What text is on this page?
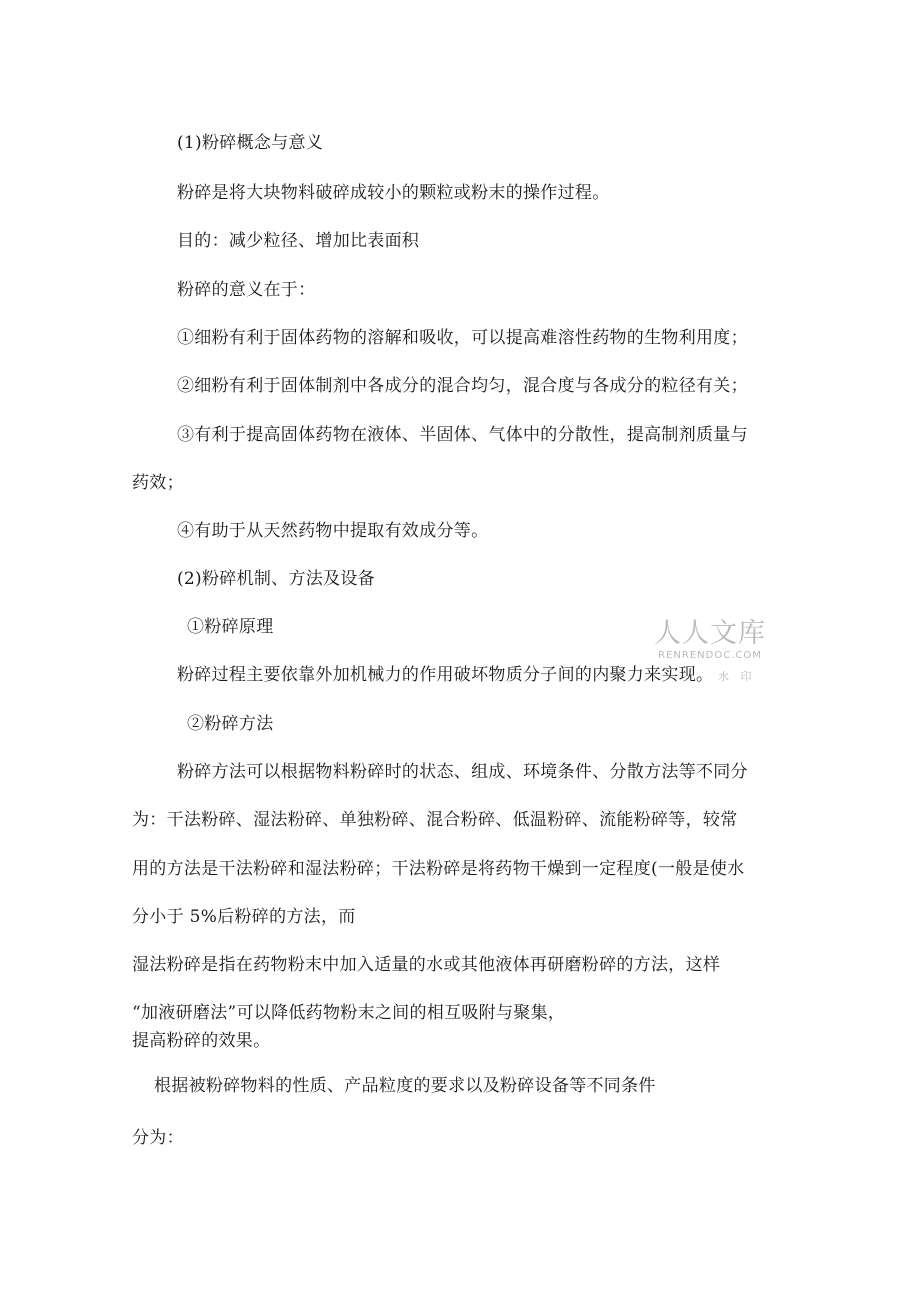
(1)粉碎概念与意义
粉碎是将大块物料破碎成较小的颗粒或粉末的操作过程。
目的：减少粒径、增加比表面积
粉碎的意义在于：
①细粉有利于固体药物的溶解和吸收，可以提高难溶性药物的生物利用度；
②细粉有利于固体制剂中各成分的混合均匀，混合度与各成分的粒径有关；
③有利于提高固体药物在液体、半固体、气体中的分散性，提高制剂质量与
药效；
④有助于从天然药物中提取有效成分等。
(2)粉碎机制、方法及设备
①粉碎原理
粉碎过程主要依靠外加机械力的作用破坏物质分子间的内聚力来实现。
②粉碎方法
粉碎方法可以根据物料粉碎时的状态、组成、环境条件、分散方法等不同分
为：干法粉碎、湿法粉碎、单独粉碎、混合粉碎、低温粉碎、流能粉碎等，较常
用的方法是干法粉碎和湿法粉碎；干法粉碎是将药物干燥到一定程度(一般是使水
分小于 5%后粉碎的方法，而
湿法粉碎是指在药物粉末中加入适量的水或其他液体再研磨粉碎的方法，这样
“加液研磨法”可以降低药物粉末之间的相互吸附与聚集，
提高粉碎的效果。
根据被粉碎物料的性质、产品粒度的要求以及粉碎设备等不同条件
分为：
人人文库
RENRENDOC.COM
水 印
